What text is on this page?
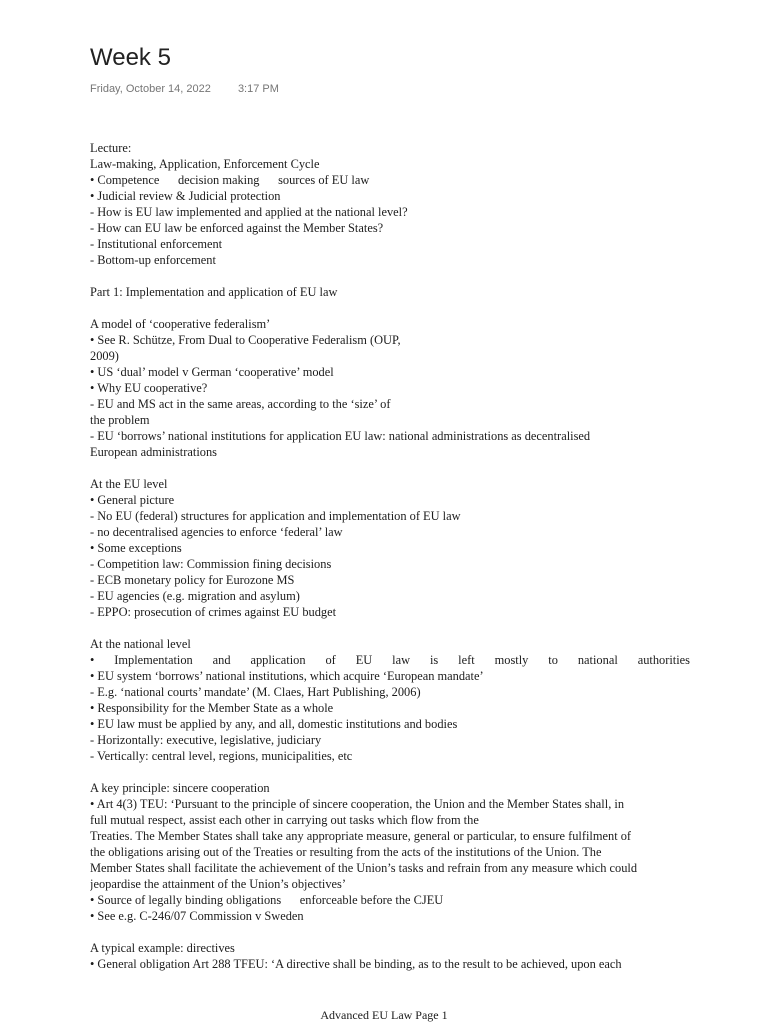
Week 5
Friday, October 14, 2022 3:17 PM
Lecture:
Law-making, Application, Enforcement Cycle
• Competence      decision making      sources of EU law
• Judicial review & Judicial protection
- How is EU law implemented and applied at the national level?
- How can EU law be enforced against the Member States?
- Institutional enforcement
- Bottom-up enforcement
Part 1: Implementation and application of EU law
A model of ‘cooperative federalism’
• See R. Schütze, From Dual to Cooperative Federalism (OUP,
2009)
• US ‘dual’ model v German ‘cooperative’ model
• Why EU cooperative?
- EU and MS act in the same areas, according to the ‘size’ of
the problem
- EU ‘borrows’ national institutions for application EU law: national administrations as decentralised
European administrations
At the EU level
• General picture
- No EU (federal) structures for application and implementation of EU law
- no decentralised agencies to enforce ‘federal’ law
• Some exceptions
- Competition law: Commission fining decisions
- ECB monetary policy for Eurozone MS
- EU agencies (e.g. migration and asylum)
- EPPO: prosecution of crimes against EU budget
At the national level
• Implementation and application of EU law is left mostly to national authorities
• EU system ‘borrows’ national institutions, which acquire ‘European mandate’
- E.g. ‘national courts’ mandate’ (M. Claes, Hart Publishing, 2006)
• Responsibility for the Member State as a whole
• EU law must be applied by any, and all, domestic institutions and bodies
- Horizontally: executive, legislative, judiciary
- Vertically: central level, regions, municipalities, etc
A key principle: sincere cooperation
• Art 4(3) TEU: ‘Pursuant to the principle of sincere cooperation, the Union and the Member States shall, in
full mutual respect, assist each other in carrying out tasks which flow from the
Treaties. The Member States shall take any appropriate measure, general or particular, to ensure fulfilment of
the obligations arising out of the Treaties or resulting from the acts of the institutions of the Union. The
Member States shall facilitate the achievement of the Union’s tasks and refrain from any measure which could
jeopardise the attainment of the Union’s objectives’
• Source of legally binding obligations      enforceable before the CJEU
• See e.g. C-246/07 Commission v Sweden
A typical example: directives
• General obligation Art 288 TFEU: ‘A directive shall be binding, as to the result to be achieved, upon each
Advanced EU Law Page 1
